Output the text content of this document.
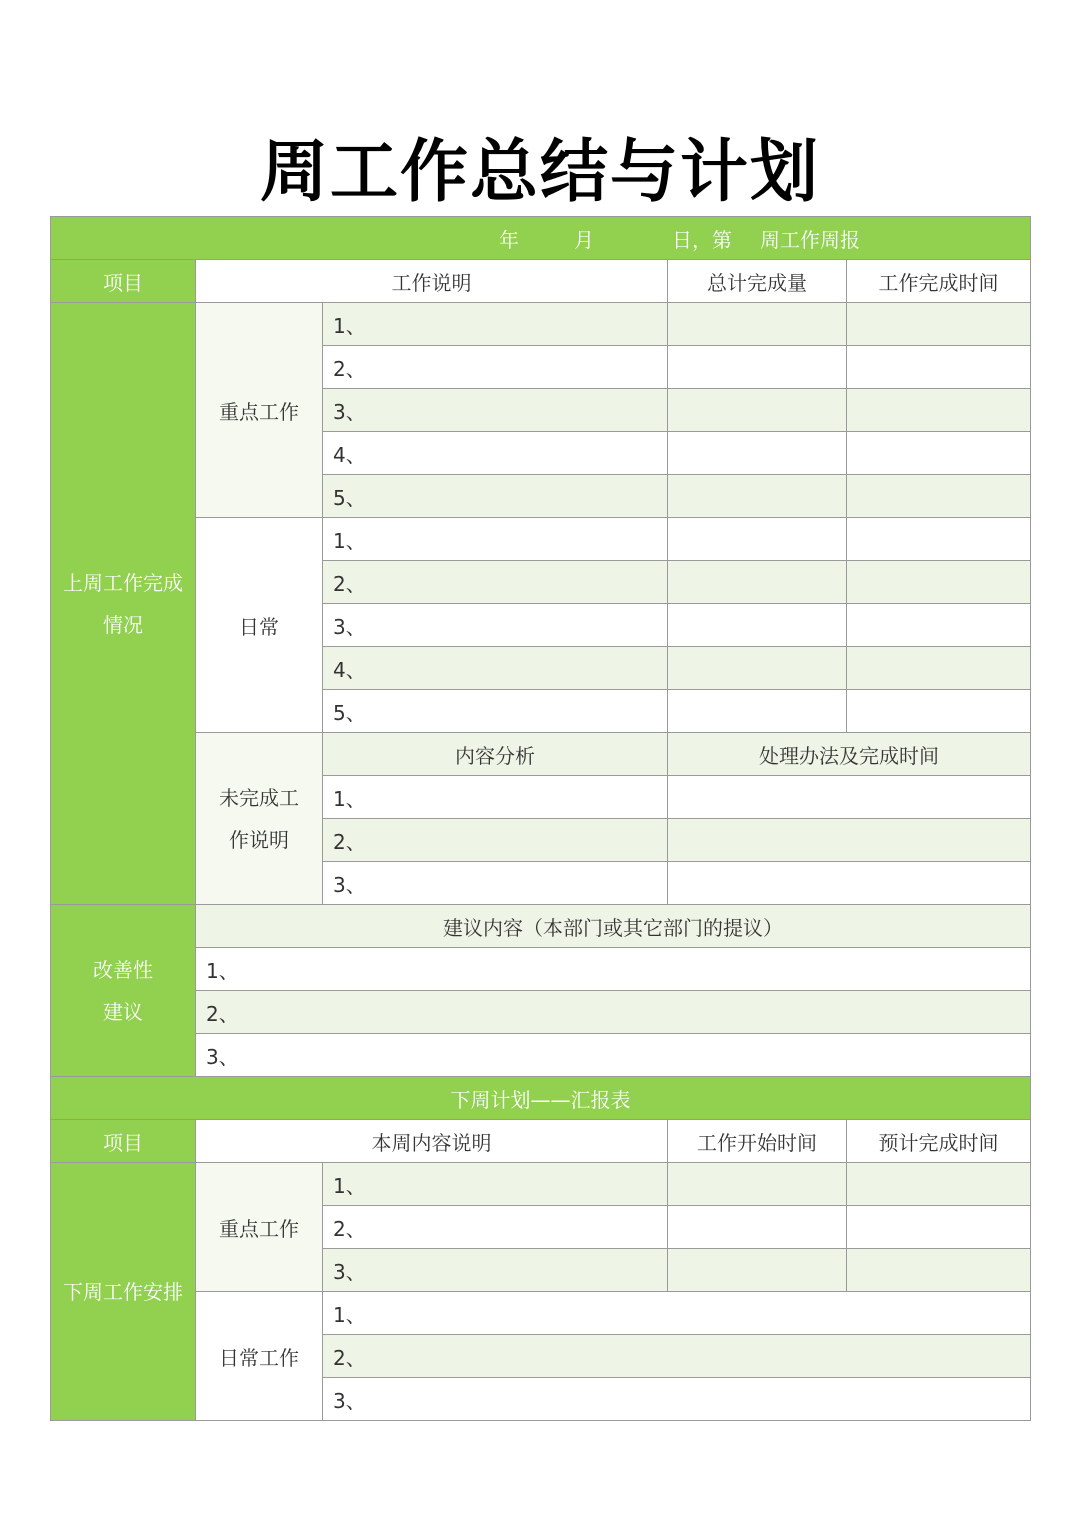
周工作总结与计划
年 月 日，第 周工作周报				
项目	工作说明		总计完成量	工作完成时间

上周工作完成情况	重点工作	1、		
		2、		
		3、		
		4、		
		5、		
	日常	1、		
		2、		
		3、		
		4、		
		5、		

	未完成工作说明	内容分析	处理办法及完成时间	
		1、		
		2、		
		3、		

改善性建议	建议内容（本部门或其它部门的提议）			
	1、			
	2、			
	3、			
下周计划——汇报表				
项目	本周内容说明		工作开始时间	预计完成时间

下周工作安排	重点工作	1、		
		2、		
		3、		
	日常工作	1、		
		2、		
		3、		
